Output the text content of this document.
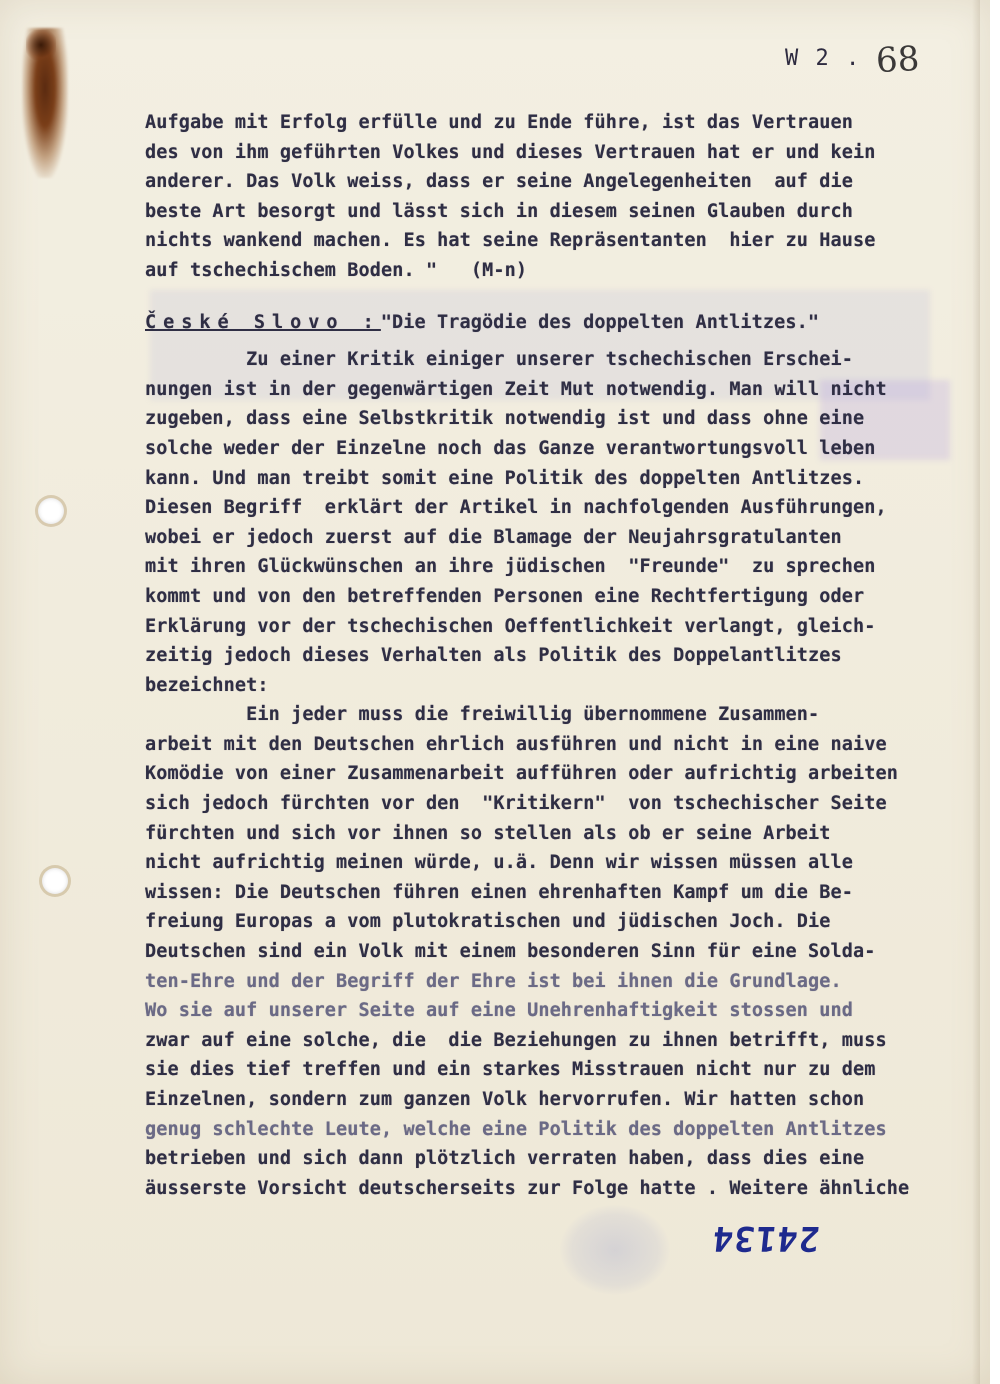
W 2 . 68
Aufgabe mit Erfolg erfülle und zu Ende führe, ist das Vertrauen
des von ihm geführten Volkes und dieses Vertrauen hat er und kein
anderer. Das Volk weiss, dass er seine Angelegenheiten  auf die
beste Art besorgt und lässt sich in diesem seinen Glauben durch
nichts wankend machen. Es hat seine Repräsentanten  hier zu Hause
auf tschechischem Boden. "   (M-n)
České Slovo :"Die Tragödie des doppelten Antlitzes."
Zu einer Kritik einiger unserer tschechischen Erschei-
nungen ist in der gegenwärtigen Zeit Mut notwendig. Man will nicht
zugeben, dass eine Selbstkritik notwendig ist und dass ohne eine
solche weder der Einzelne noch das Ganze verantwortungsvoll leben
kann. Und man treibt somit eine Politik des doppelten Antlitzes.
Diesen Begriff  erklärt der Artikel in nachfolgenden Ausführungen,
wobei er jedoch zuerst auf die Blamage der Neujahrsgratulanten
mit ihren Glückwünschen an ihre jüdischen  "Freunde"  zu sprechen
kommt und von den betreffenden Personen eine Rechtfertigung oder
Erklärung vor der tschechischen Oeffentlichkeit verlangt, gleich-
zeitig jedoch dieses Verhalten als Politik des Doppelantlitzes
bezeichnet:
Ein jeder muss die freiwillig übernommene Zusammen-
arbeit mit den Deutschen ehrlich ausführen und nicht in eine naive
Komödie von einer Zusammenarbeit aufführen oder aufrichtig arbeiten
sich jedoch fürchten vor den  "Kritikern"  von tschechischer Seite
fürchten und sich vor ihnen so stellen als ob er seine Arbeit
nicht aufrichtig meinen würde, u.ä. Denn wir wissen müssen alle
wissen: Die Deutschen führen einen ehrenhaften Kampf um die Be-
freiung Europas a vom plutokratischen und jüdischen Joch. Die
Deutschen sind ein Volk mit einem besonderen Sinn für eine Solda-
ten-Ehre und der Begriff der Ehre ist bei ihnen die Grundlage.
Wo sie auf unserer Seite auf eine Unehrenhaftigkeit stossen und
zwar auf eine solche, die  die Beziehungen zu ihnen betrifft, muss
sie dies tief treffen und ein starkes Misstrauen nicht nur zu dem
Einzelnen, sondern zum ganzen Volk hervorrufen. Wir hatten schon
genug schlechte Leute, welche eine Politik des doppelten Antlitzes
betrieben und sich dann plötzlich verraten haben, dass dies eine
äusserste Vorsicht deutscherseits zur Folge hatte . Weitere ähnliche
24134
